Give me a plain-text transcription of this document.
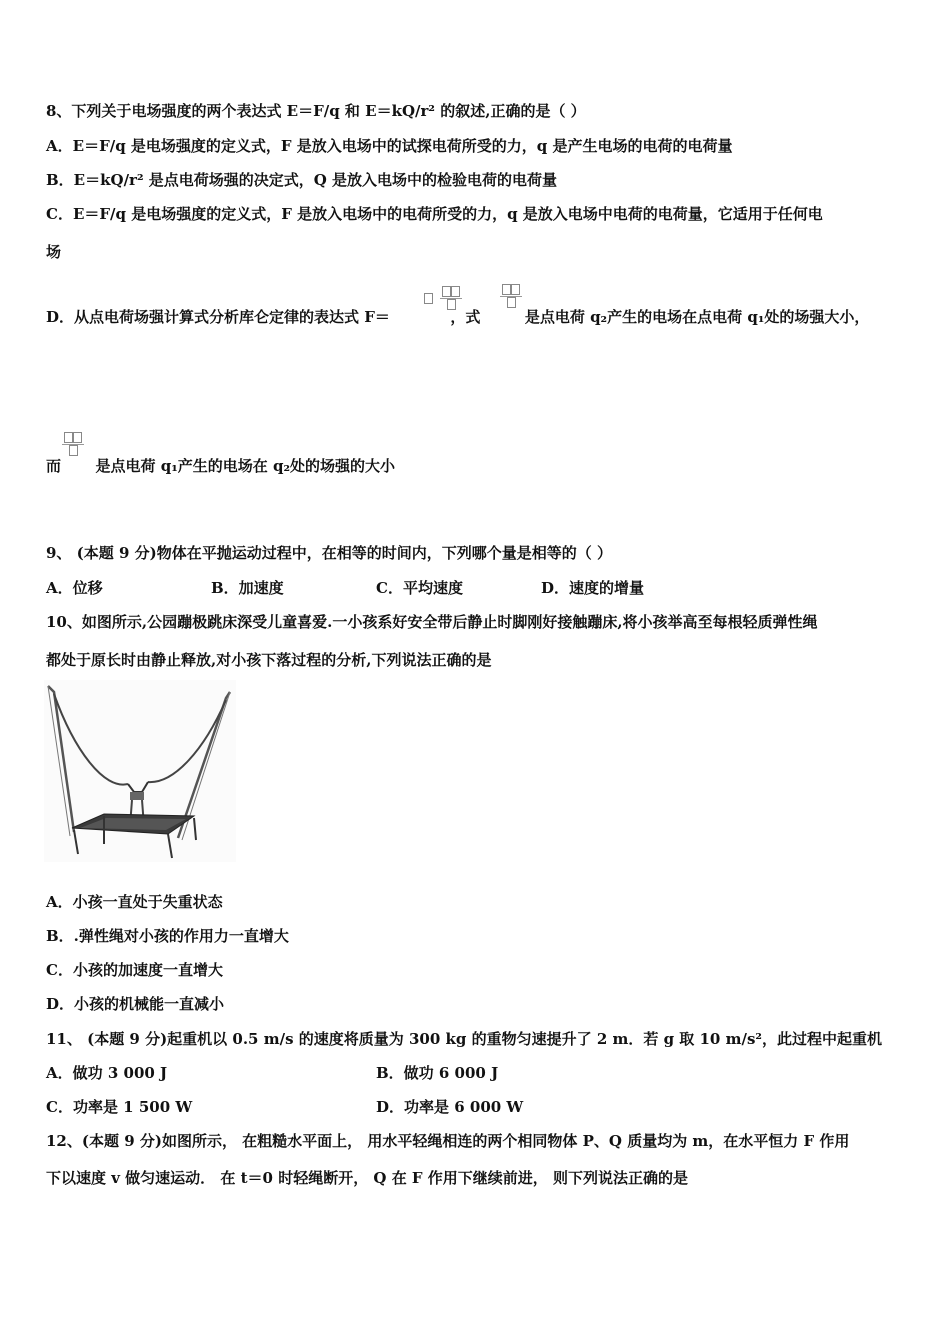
8、下列关于电场强度的两个表达式 E＝F/q 和 E＝kQ/r² 的叙述,正确的是（ ）
A．E＝F/q 是电场强度的定义式，F 是放入电场中的试探电荷所受的力，q 是产生电场的电荷的电荷量
B．E＝kQ/r² 是点电荷场强的决定式，Q 是放入电场中的检验电荷的电荷量
C．E＝F/q 是电场强度的定义式，F 是放入电场中的电荷所受的力，q 是放入电场中电荷的电荷量，它适用于任何电
场
D．从点电荷场强计算式分析库仑定律的表达式 F＝	，式	是点电荷 q₂产生的电场在点电荷 q₁处的场强大小，

而 是点电荷 q₁产生的电场在 q₂处的场强的大小
9、 (本题 9 分)物体在平抛运动过程中，在相等的时间内，下列哪个量是相等的（ ）
A．位移	B．加速度	C．平均速度	D．速度的增量
10、如图所示,公园蹦极跳床深受儿童喜爱.一小孩系好安全带后静止时脚刚好接触蹦床,将小孩举高至每根轻质弹性绳
都处于原长时由静止释放,对小孩下落过程的分析,下列说法正确的是
A．小孩一直处于失重状态
B．.弹性绳对小孩的作用力一直增大
C．小孩的加速度一直增大
D．小孩的机械能一直减小
11、 (本题 9 分)起重机以 0.5 m/s 的速度将质量为 300 kg 的重物匀速提升了 2 m．若 g 取 10 m/s²，此过程中起重机
A．做功 3 000 J	B．做功 6 000 J
C．功率是 1 500 W	D．功率是 6 000 W
12、(本题 9 分)如图所示， 在粗糙水平面上， 用水平轻绳相连的两个相同物体 P、Q 质量均为 m，在水平恒力 F 作用
下以速度 v 做匀速运动． 在 t＝0 时轻绳断开， Q 在 F 作用下继续前进， 则下列说法正确的是
